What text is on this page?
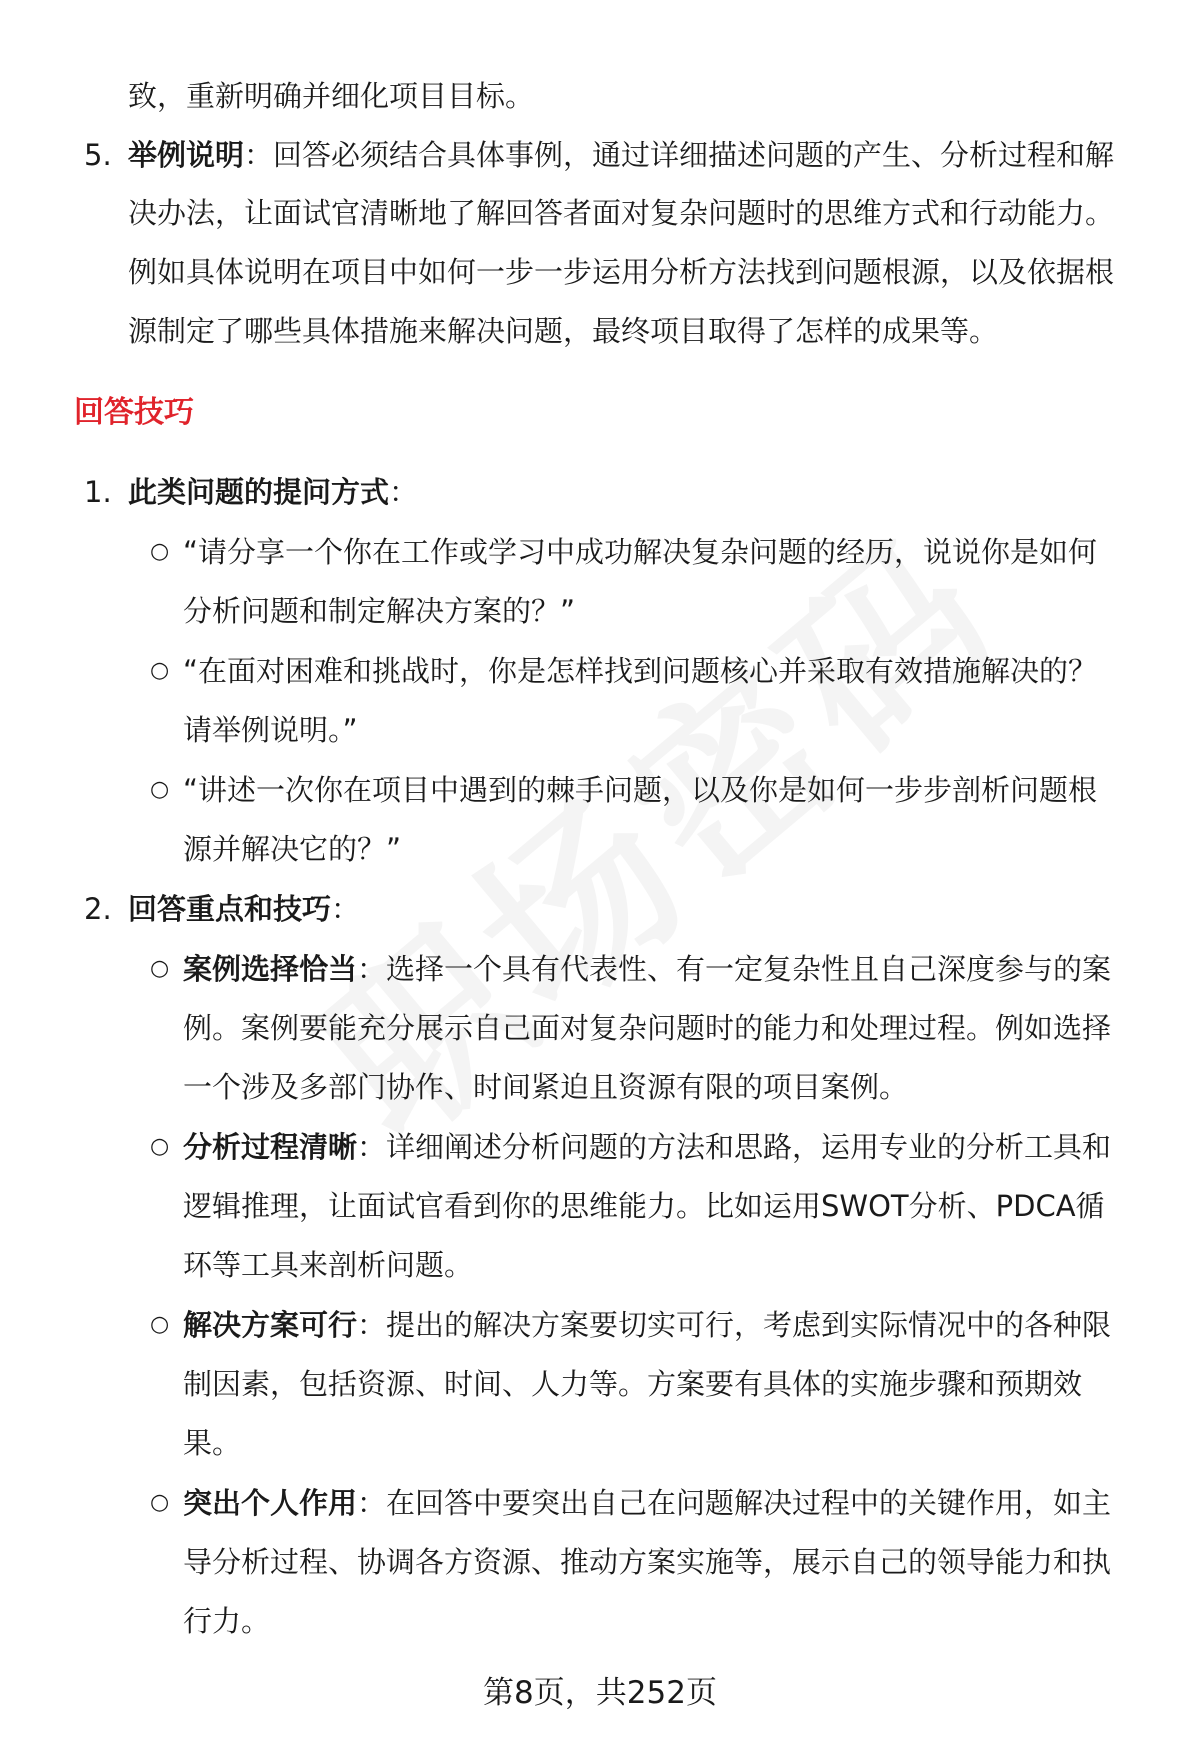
致，重新明确并细化项目目标。
5. 举例说明：回答必须结合具体事例，通过详细描述问题的产生、分析过程和解
决办法，让面试官清晰地了解回答者面对复杂问题时的思维方式和行动能力。
例如具体说明在项目中如何一步一步运用分析方法找到问题根源，以及依据根
源制定了哪些具体措施来解决问题，最终项目取得了怎样的成果等。
回答技巧
1. 此类问题的提问方式：
○ “请分享一个你在工作或学习中成功解决复杂问题的经历，说说你是如何
分析问题和制定解决方案的？”
○ “在面对困难和挑战时，你是怎样找到问题核心并采取有效措施解决的？
请举例说明。”
○ “讲述一次你在项目中遇到的棘手问题，以及你是如何一步步剖析问题根
源并解决它的？”
2. 回答重点和技巧：
○ 案例选择恰当：选择一个具有代表性、有一定复杂性且自己深度参与的案
例。案例要能充分展示自己面对复杂问题时的能力和处理过程。例如选择
一个涉及多部门协作、时间紧迫且资源有限的项目案例。
○ 分析过程清晰：详细阐述分析问题的方法和思路，运用专业的分析工具和
逻辑推理，让面试官看到你的思维能力。比如运用SWOT分析、PDCA循
环等工具来剖析问题。
○ 解决方案可行：提出的解决方案要切实可行，考虑到实际情况中的各种限
制因素，包括资源、时间、人力等。方案要有具体的实施步骤和预期效
果。
○ 突出个人作用：在回答中要突出自己在问题解决过程中的关键作用，如主
导分析过程、协调各方资源、推动方案实施等，展示自己的领导能力和执
行力。
第8页，共252页
